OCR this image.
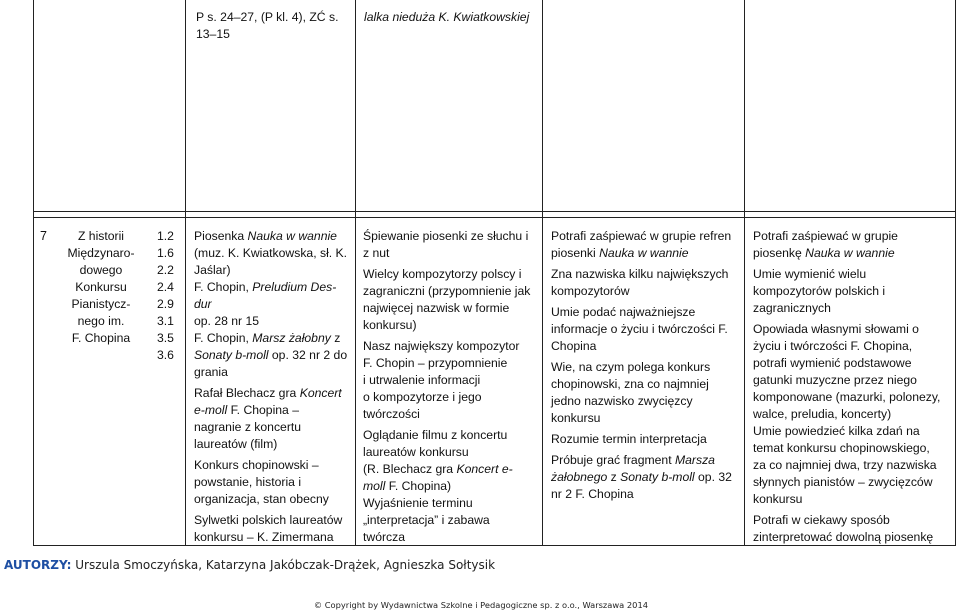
P s. 24–27, (P kl. 4), ZĆ s.

13–15

lalka nieduża K. Kwiatkowskiej

7	Z historii

Międzynaro-

dowego

Konkursu

Pianistycz-

nego im.

F. Chopina

1.2

1.6

2.2

2.4

2.9

3.1

3.5

3.6

Piosenka Nauka w wannie

(muz. K. Kwiatkowska, sł. K.

Jaślar)

F. Chopin, Preludium Des-

dur

op. 28 nr 15

F. Chopin, Marsz żałobny z

Sonaty b-moll op. 32 nr 2 do

grania

Rafał Blechacz gra Koncert

e-moll F. Chopina –

nagranie z koncertu

laureatów (film)

Konkurs chopinowski –

powstanie, historia i

organizacja, stan obecny

Sylwetki polskich laureatów

konkursu – K. Zimermana

Śpiewanie piosenki ze słuchu i

z nut

Wielcy kompozytorzy polscy i

zagraniczni (przypomnienie jak

najwięcej nazwisk w formie

konkursu)

Nasz największy kompozytor

F. Chopin – przypomnienie

i utrwalenie informacji

o kompozytorze i jego

twórczości

Oglądanie filmu z koncertu

laureatów konkursu

(R. Blechacz gra Koncert e-

moll F. Chopina)

Wyjaśnienie terminu

„interpretacja” i zabawa

twórcza

Potrafi zaśpiewać w grupie refren

piosenki Nauka w wannie

Zna nazwiska kilku największych

kompozytorów

Umie podać najważniejsze

informacje o życiu i twórczości F.

Chopina

Wie, na czym polega konkurs

chopinowski, zna co najmniej

jedno nazwisko zwycięzcy

konkursu

Rozumie termin interpretacja

Próbuje grać fragment Marsza

żałobnego z Sonaty b-moll op. 32

nr 2 F. Chopina

Potrafi zaśpiewać w grupie

piosenkę Nauka w wannie

Umie wymienić wielu

kompozytorów polskich i

zagranicznych

Opowiada własnymi słowami o

życiu i twórczości F. Chopina,

potrafi wymienić podstawowe

gatunki muzyczne przez niego

komponowane (mazurki, polonezy,

walce, preludia, koncerty)

Umie powiedzieć kilka zdań na

temat konkursu chopinowskiego,

za co najmniej dwa, trzy nazwiska

słynnych pianistów – zwycięzców

konkursu

Potrafi w ciekawy sposób

zinterpretować dowolną piosenkę

AUTORZY: Urszula Smoczyńska, Katarzyna Jakóbczak-Drążek, Agnieszka Sołtysik
© Copyright by Wydawnictwa Szkolne i Pedagogiczne sp. z o.o., Warszawa 2014
